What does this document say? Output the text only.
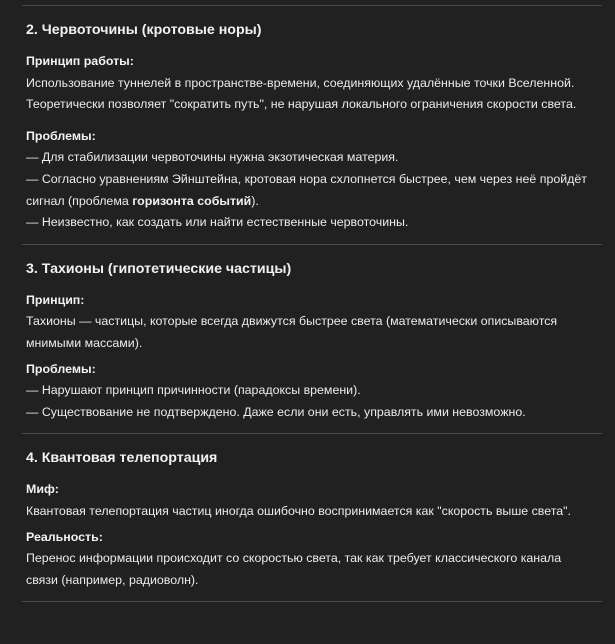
2. Червоточины (кротовые норы)
Принцип работы:

Использование туннелей в пространстве-времени, соединяющих удалённые точки Вселенной. Теоретически позволяет "сократить путь", не нарушая локального ограничения скорости света.

Проблемы:

— Для стабилизации червоточины нужна экзотическая материя.

— Согласно уравнениям Эйнштейна, кротовая нора схлопнется быстрее, чем через неё пройдёт сигнал (проблема горизонта событий).

— Неизвестно, как создать или найти естественные червоточины.

3. Тахионы (гипотетические частицы)
Принцип:

Тахионы — частицы, которые всегда движутся быстрее света (математически описываются мнимыми массами).

Проблемы:

— Нарушают принцип причинности (парадоксы времени).

— Существование не подтверждено. Даже если они есть, управлять ими невозможно.

4. Квантовая телепортация
Миф:

Квантовая телепортация частиц иногда ошибочно воспринимается как "скорость выше света".

Реальность:

Перенос информации происходит со скоростью света, так как требует классического канала связи (например, радиоволн).
